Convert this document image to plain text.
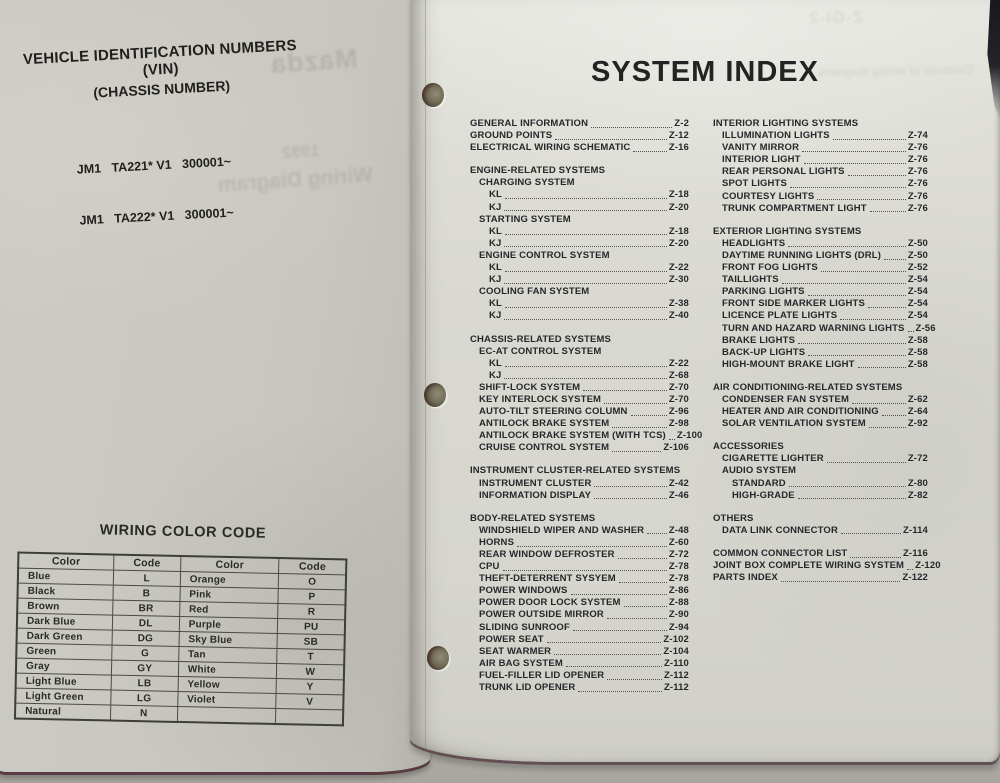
Mazda
1992
Wiring Diagram
VEHICLE IDENTIFICATION NUMBERS (VIN)
(CHASSIS NUMBER)

JM1   TA221* V1   300001~

JM1   TA222* V1   300001~

WIRING COLOR CODE
Color	Code	Color	Code
Blue	L	Orange	O
Black	B	Pink	P
Brown	BR	Red	R
Dark Blue	DL	Purple	PU
Dark Green	DG	Sky Blue	SB
Green	G	Tan	T
Gray	GY	White	W
Light Blue	LB	Yellow	Y
Light Green	LG	Violet	V
Natural	N		
Z-GI-2
Contents of wiring diagrams
SYSTEM INDEX
GENERAL INFORMATION	Z-2
GROUND POINTS	Z-12
ELECTRICAL WIRING SCHEMATIC	Z-16
ENGINE-RELATED SYSTEMS
CHARGING SYSTEM
KL	Z-18
KJ	Z-20
STARTING SYSTEM
KL	Z-18
KJ	Z-20
ENGINE CONTROL SYSTEM
KL	Z-22
KJ	Z-30
COOLING FAN SYSTEM
KL	Z-38
KJ	Z-40
CHASSIS-RELATED SYSTEMS
EC-AT CONTROL SYSTEM
KL	Z-22
KJ	Z-68
SHIFT-LOCK SYSTEM	Z-70
KEY INTERLOCK SYSTEM	Z-70
AUTO-TILT STEERING COLUMN	Z-96
ANTILOCK BRAKE SYSTEM	Z-98
ANTILOCK BRAKE SYSTEM (WITH TCS) Z-100
CRUISE CONTROL SYSTEM	Z-106
INSTRUMENT CLUSTER-RELATED SYSTEMS
INSTRUMENT CLUSTER	Z-42
INFORMATION DISPLAY	Z-46
BODY-RELATED SYSTEMS
WINDSHIELD WIPER AND WASHER	Z-48
HORNS	Z-60
REAR WINDOW DEFROSTER	Z-72
CPU	Z-78
THEFT-DETERRENT SYSYEM	Z-78
POWER WINDOWS	Z-86
POWER DOOR LOCK SYSTEM	Z-88
POWER OUTSIDE MIRROR	Z-90
SLIDING SUNROOF	Z-94
POWER SEAT	Z-102
SEAT WARMER	Z-104
AIR BAG SYSTEM	Z-110
FUEL-FILLER LID OPENER	Z-112
TRUNK LID OPENER	Z-112
INTERIOR LIGHTING SYSTEMS
ILLUMINATION LIGHTS	Z-74
VANITY MIRROR	Z-76
INTERIOR LIGHT	Z-76
REAR PERSONAL LIGHTS	Z-76
SPOT LIGHTS	Z-76
COURTESY LIGHTS	Z-76
TRUNK COMPARTMENT LIGHT	Z-76
EXTERIOR LIGHTING SYSTEMS
HEADLIGHTS	Z-50
DAYTIME RUNNING LIGHTS (DRL)	Z-50
FRONT FOG LIGHTS	Z-52
TAILLIGHTS	Z-54
PARKING LIGHTS	Z-54
FRONT SIDE MARKER LIGHTS	Z-54
LICENCE PLATE LIGHTS	Z-54
TURN AND HAZARD WARNING LIGHTS Z-56
BRAKE LIGHTS	Z-58
BACK-UP LIGHTS	Z-58
HIGH-MOUNT BRAKE LIGHT	Z-58
AIR CONDITIONING-RELATED SYSTEMS
CONDENSER FAN SYSTEM	Z-62
HEATER AND AIR CONDITIONING	Z-64
SOLAR VENTILATION SYSTEM	Z-92
ACCESSORIES
CIGARETTE LIGHTER	Z-72
AUDIO SYSTEM
STANDARD	Z-80
HIGH-GRADE	Z-82
OTHERS
DATA LINK CONNECTOR	Z-114
COMMON CONNECTOR LIST	Z-116
JOINT BOX COMPLETE WIRING SYSTEM Z-120
PARTS INDEX	Z-122
